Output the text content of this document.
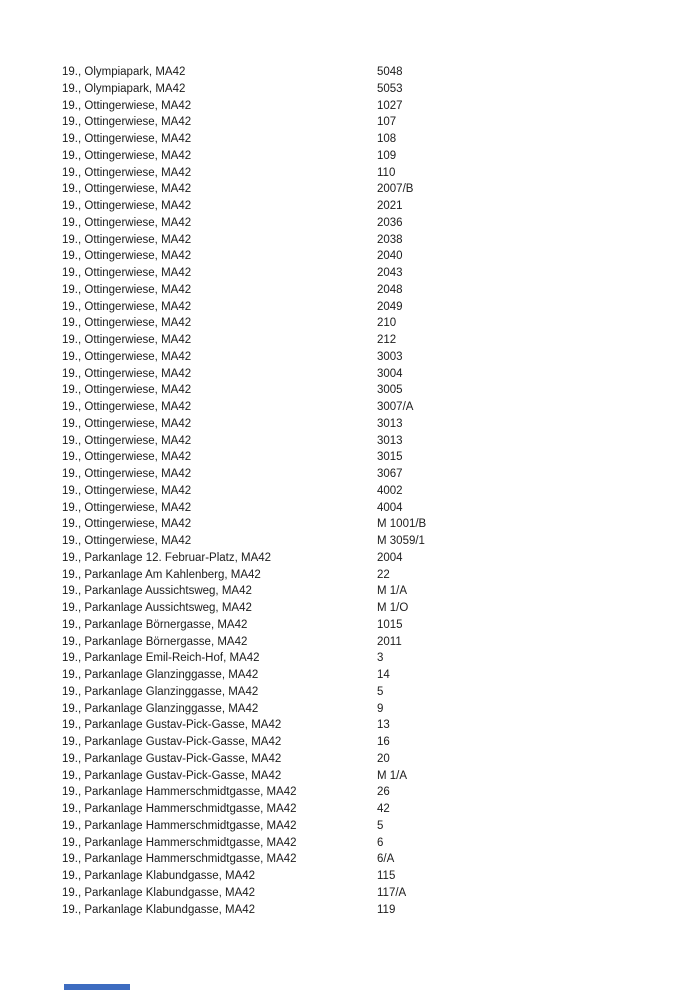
19., Olympiapark, MA42	5048
19., Olympiapark, MA42	5053
19., Ottingerwiese, MA42	1027
19., Ottingerwiese, MA42	107
19., Ottingerwiese, MA42	108
19., Ottingerwiese, MA42	109
19., Ottingerwiese, MA42	110
19., Ottingerwiese, MA42	2007/B
19., Ottingerwiese, MA42	2021
19., Ottingerwiese, MA42	2036
19., Ottingerwiese, MA42	2038
19., Ottingerwiese, MA42	2040
19., Ottingerwiese, MA42	2043
19., Ottingerwiese, MA42	2048
19., Ottingerwiese, MA42	2049
19., Ottingerwiese, MA42	210
19., Ottingerwiese, MA42	212
19., Ottingerwiese, MA42	3003
19., Ottingerwiese, MA42	3004
19., Ottingerwiese, MA42	3005
19., Ottingerwiese, MA42	3007/A
19., Ottingerwiese, MA42	3013
19., Ottingerwiese, MA42	3013
19., Ottingerwiese, MA42	3015
19., Ottingerwiese, MA42	3067
19., Ottingerwiese, MA42	4002
19., Ottingerwiese, MA42	4004
19., Ottingerwiese, MA42	M 1001/B
19., Ottingerwiese, MA42	M 3059/1
19., Parkanlage 12. Februar-Platz, MA42	2004
19., Parkanlage Am Kahlenberg, MA42	22
19., Parkanlage Aussichtsweg, MA42	M 1/A
19., Parkanlage Aussichtsweg, MA42	M 1/O
19., Parkanlage Börnergasse, MA42	1015
19., Parkanlage Börnergasse, MA42	2011
19., Parkanlage Emil-Reich-Hof, MA42	3
19., Parkanlage Glanzinggasse, MA42	14
19., Parkanlage Glanzinggasse, MA42	5
19., Parkanlage Glanzinggasse, MA42	9
19., Parkanlage Gustav-Pick-Gasse, MA42	13
19., Parkanlage Gustav-Pick-Gasse, MA42	16
19., Parkanlage Gustav-Pick-Gasse, MA42	20
19., Parkanlage Gustav-Pick-Gasse, MA42	M 1/A
19., Parkanlage Hammerschmidtgasse, MA42	26
19., Parkanlage Hammerschmidtgasse, MA42	42
19., Parkanlage Hammerschmidtgasse, MA42	5
19., Parkanlage Hammerschmidtgasse, MA42	6
19., Parkanlage Hammerschmidtgasse, MA42	6/A
19., Parkanlage Klabundgasse, MA42	115
19., Parkanlage Klabundgasse, MA42	117/A
19., Parkanlage Klabundgasse, MA42	119
